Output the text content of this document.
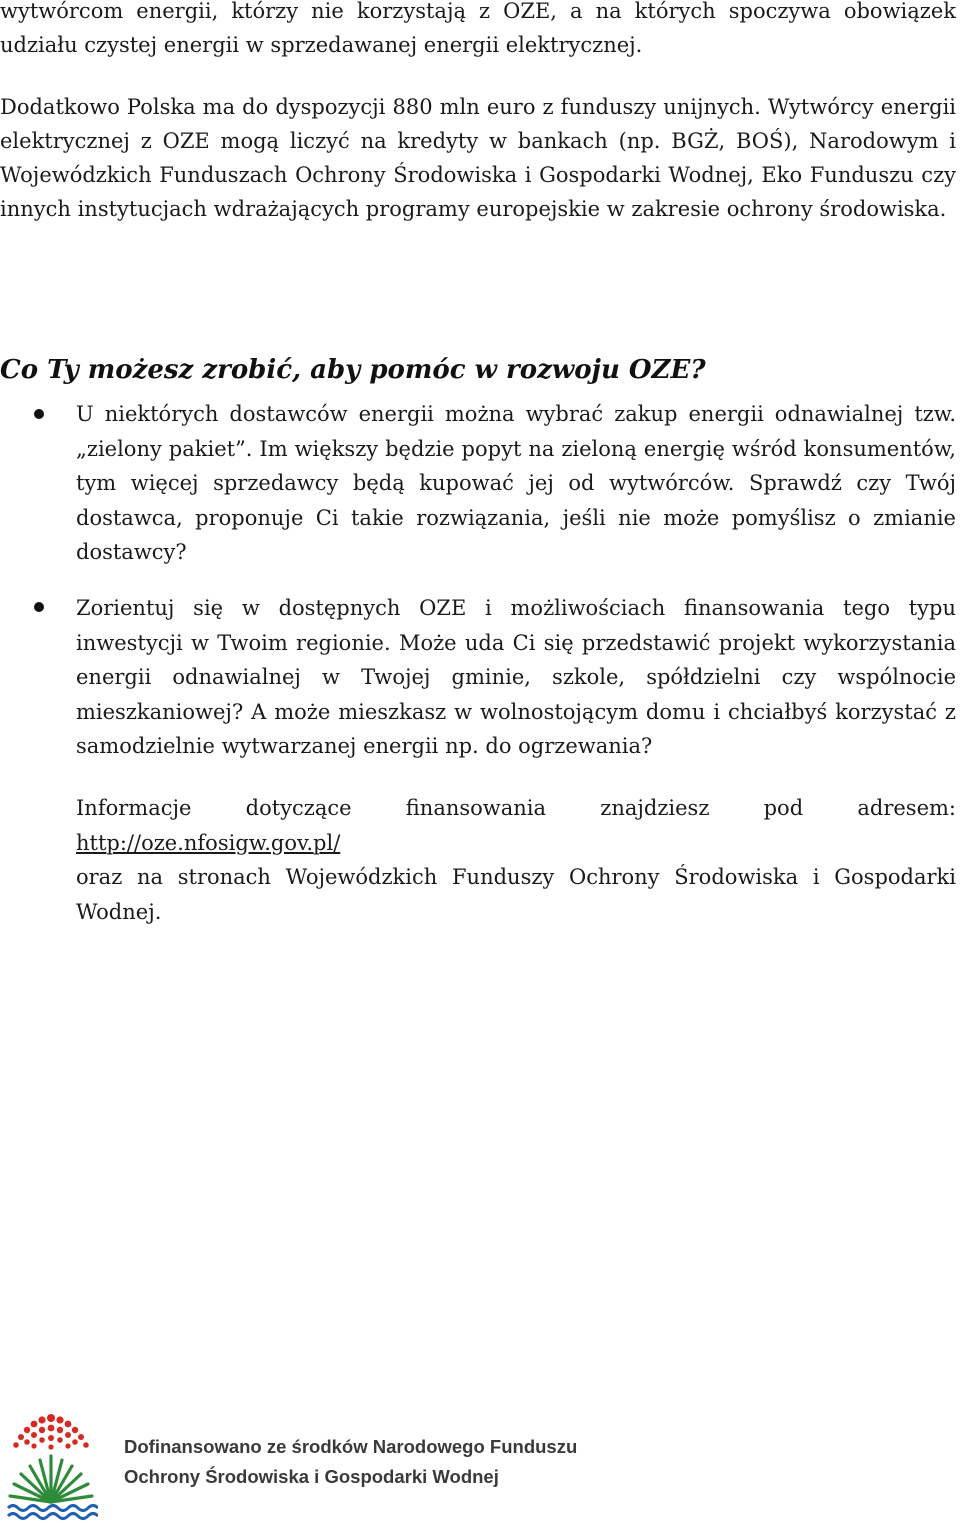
wytwórcom energii, którzy nie korzystają z OZE, a na których spoczywa obowiązek udziału czystej energii w sprzedawanej energii elektrycznej.
Dodatkowo Polska ma do dyspozycji 880 mln euro z funduszy unijnych. Wytwórcy energii elektrycznej z OZE mogą liczyć na kredyty w bankach (np. BGŻ, BOŚ), Narodowym i Wojewódzkich Funduszach Ochrony Środowiska i Gospodarki Wodnej, Eko Funduszu czy innych instytucjach wdrażających programy europejskie w zakresie ochrony środowiska.
Co Ty możesz zrobić, aby pomóc w rozwoju OZE?
U niektórych dostawców energii można wybrać zakup energii odnawialnej tzw. „zielony pakiet”. Im większy będzie popyt na zieloną energię wśród konsumentów, tym więcej sprzedawcy będą kupować jej od wytwórców. Sprawdź czy Twój dostawca, proponuje Ci takie rozwiązania, jeśli nie może pomyślisz o zmianie dostawcy?
Zorientuj się w dostępnych OZE i możliwościach finansowania tego typu inwestycji w Twoim regionie. Może uda Ci się przedstawić projekt wykorzystania energii odnawialnej w Twojej gminie, szkole, spółdzielni czy wspólnocie mieszkaniowej? A może mieszkasz w wolnostojącym domu i chciałbyś korzystać z samodzielnie wytwarzanej energii np. do ogrzewania?
Informacje dotyczące finansowania znajdziesz pod adresem:
http://oze.nfosigw.gov.pl/
oraz na stronach Wojewódzkich Funduszy Ochrony Środowiska i Gospodarki Wodnej.
Dofinansowano ze środków Narodowego Funduszu
Ochrony Środowiska i Gospodarki Wodnej
